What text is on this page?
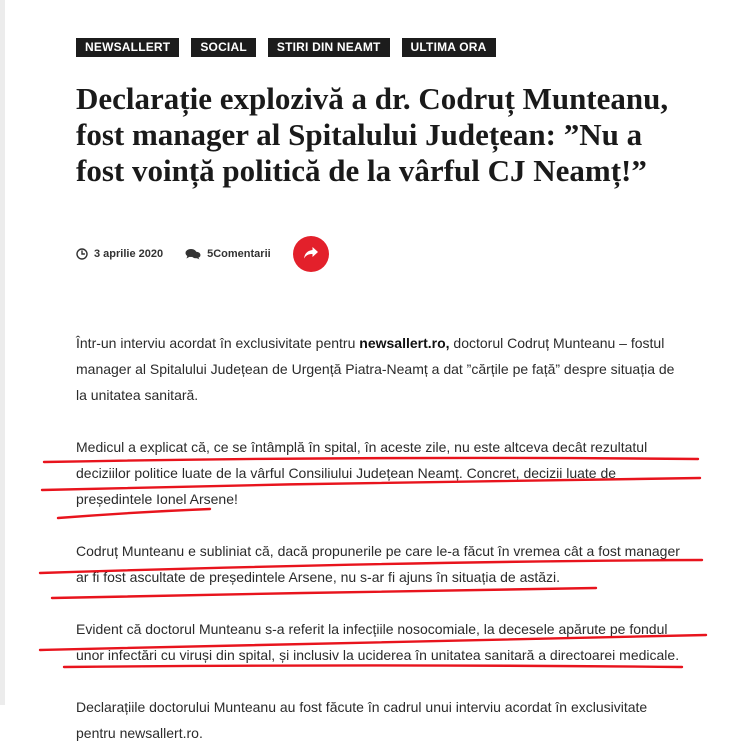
NEWSALLERT	SOCIAL	STIRI DIN NEAMT	ULTIMA ORA
Declarație explozivă a dr. Codruț Munteanu, fost manager al Spitalului Județean: ”Nu a fost voință politică de la vârful CJ Neamț!”
3 aprilie 2020	5Comentarii

Într-un interviu acordat în exclusivitate pentru newsallert.ro, doctorul Codruț Munteanu – fostul manager al Spitalului Județean de Urgență Piatra-Neamț a dat ”cărțile pe față” despre situația de la unitatea sanitară.

Medicul a explicat că, ce se întâmplă în spital, în aceste zile, nu este altceva decât rezultatul deciziilor politice luate de la vârful Consiliului Județean Neamț. Concret, decizii luate de președintele Ionel Arsene!

Codruț Munteanu e subliniat că, dacă propunerile pe care le-a făcut în vremea cât a fost manager ar fi fost ascultate de președintele Arsene, nu s-ar fi ajuns în situația de astăzi.

Evident că doctorul Munteanu s-a referit la infecțiile nosocomiale, la decesele apărute pe fondul unor infectări cu viruși din spital, și inclusiv la uciderea în unitatea sanitară a directoarei medicale.

Declarațiile doctorului Munteanu au fost făcute în cadrul unui interviu acordat în exclusivitate pentru newsallert.ro.
